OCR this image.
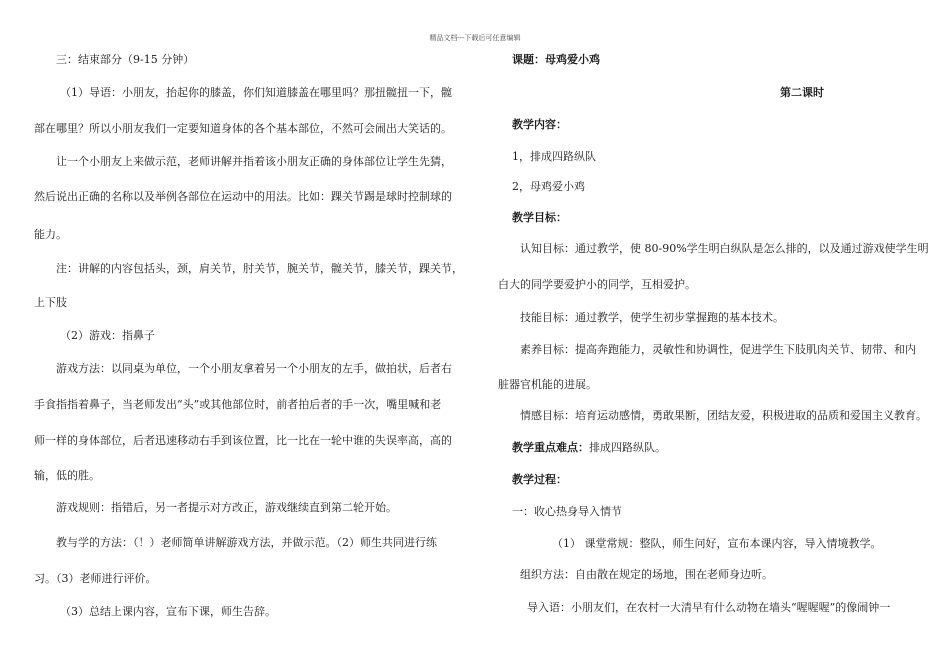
精品文档---下载后可任意编辑
三：结束部分（9-15 分钟）
（1）导语：小朋友，抬起你的膝盖，你们知道膝盖在哪里吗？那扭髋扭一下，髋
部在哪里？所以小朋友我们一定要知道身体的各个基本部位，不然可会闹出大笑话的。
让一个小朋友上来做示范，老师讲解并指着该小朋友正确的身体部位让学生先猜，
然后说出正确的名称以及举例各部位在运动中的用法。比如：踝关节踢是球时控制球的
能力。
注：讲解的内容包括头，颈，肩关节，肘关节，腕关节，髋关节，膝关节，踝关节，
上下肢
（2）游戏：指鼻子
游戏方法：以同桌为单位，一个小朋友拿着另一个小朋友的左手，做拍状，后者右
手食指指着鼻子，当老师发出“头”或其他部位时，前者拍后者的手一次，嘴里喊和老
师一样的身体部位，后者迅速移动右手到该位置，比一比在一轮中谁的失误率高，高的
输，低的胜。
游戏规则：指错后，另一者提示对方改正，游戏继续直到第二轮开始。
教与学的方法：（！）老师简单讲解游戏方法，并做示范。（2）师生共同进行练
习。（3）老师进行评价。
（3）总结上课内容，宣布下课，师生告辞。
课题：母鸡爱小鸡
第二课时
教学内容：
1，排成四路纵队
2，母鸡爱小鸡
教学目标：
认知目标：通过教学，使 80-90%学生明白纵队是怎么排的，以及通过游戏使学生明
白大的同学要爱护小的同学，互相爱护。
技能目标：通过教学，使学生初步掌握跑的基本技术。
素养目标：提高奔跑能力，灵敏性和协调性，促进学生下肢肌肉关节、韧带、和内
脏器官机能的进展。
情感目标：培育运动感情，勇敢果断，团结友爱，积极进取的品质和爱国主义教育。
教学重点难点：排成四路纵队。
教学过程：
一：收心热身导入情节
（1） 课堂常规：整队，师生问好，宣布本课内容，导入情境教学。
组织方法：自由散在规定的场地，围在老师身边听。
导入语：小朋友们，在农村一大清早有什么动物在墙头“喔喔喔”的像闹钟一
